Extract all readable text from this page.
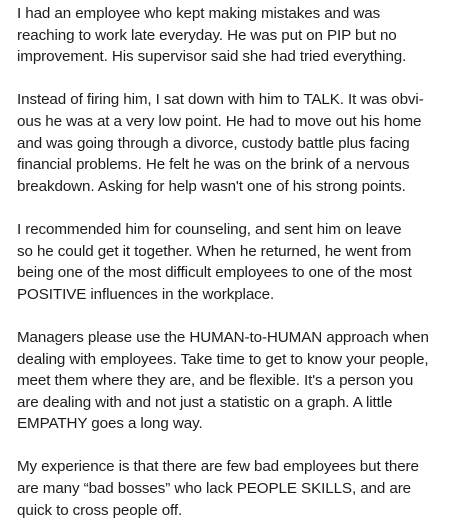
I had an employee who kept making mistakes and was
reaching to work late everyday. He was put on PIP but no
improvement. His supervisor said she had tried everything.

Instead of firing him, I sat down with him to TALK. It was obvi-
ous he was at a very low point. He had to move out his home
and was going through a divorce, custody battle plus facing
financial problems. He felt he was on the brink of a nervous
breakdown. Asking for help wasn't one of his strong points.

I recommended him for counseling, and sent him on leave
so he could get it together. When he returned, he went from
being one of the most difficult employees to one of the most
POSITIVE influences in the workplace.

Managers please use the HUMAN-to-HUMAN approach when
dealing with employees. Take time to get to know your people,
meet them where they are, and be flexible. It's a person you
are dealing with and not just a statistic on a graph. A little
EMPATHY goes a long way.

My experience is that there are few bad employees but there
are many “bad bosses” who lack PEOPLE SKILLS, and are
quick to cross people off.
